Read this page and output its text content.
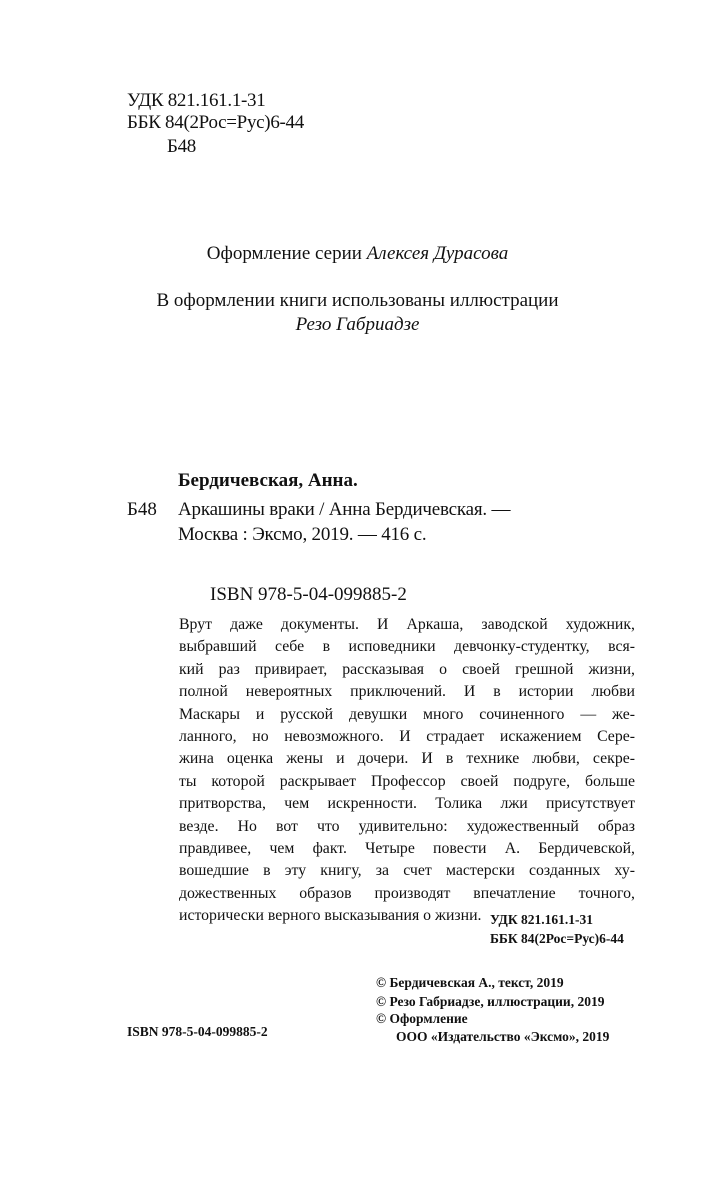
УДК 821.161.1-31
ББК 84(2Рос=Рус)6-44
Б48
Оформление серии Алексея Дурасова
В оформлении книги использованы иллюстрации
Резо Габриадзе
Бердичевская, Анна.
Б48 Аркашины враки / Анна Бердичевская. —
Москва : Эксмо, 2019. — 416 с.
ISBN 978-5-04-099885-2

Врут даже документы. И Аркаша, заводской художник,
выбравший себе в исповедники девчонку-студентку, вся-
кий раз привирает, рассказывая о своей грешной жизни,
полной невероятных приключений. И в истории любви
Маскары и русской девушки много сочиненного — же-
ланного, но невозможного. И страдает искажением Сере-
жина оценка жены и дочери. И в технике любви, секре-
ты которой раскрывает Профессор своей подруге, больше
притворства, чем искренности. Толика лжи присутствует
везде. Но вот что удивительно: художественный образ
правдивее, чем факт. Четыре повести А. Бердичевской,
вошедшие в эту книгу, за счет мастерски созданных ху-
дожественных образов производят впечатление точного,
исторически верного высказывания о жизни. УДК 821.161.1-31
ББК 84(2Рос=Рус)6-44
© Бердичевская А., текст, 2019
© Резо Габриадзе, иллюстрации, 2019
© Оформление
ООО «Издательство «Эксмо», 2019
ISBN 978-5-04-099885-2
